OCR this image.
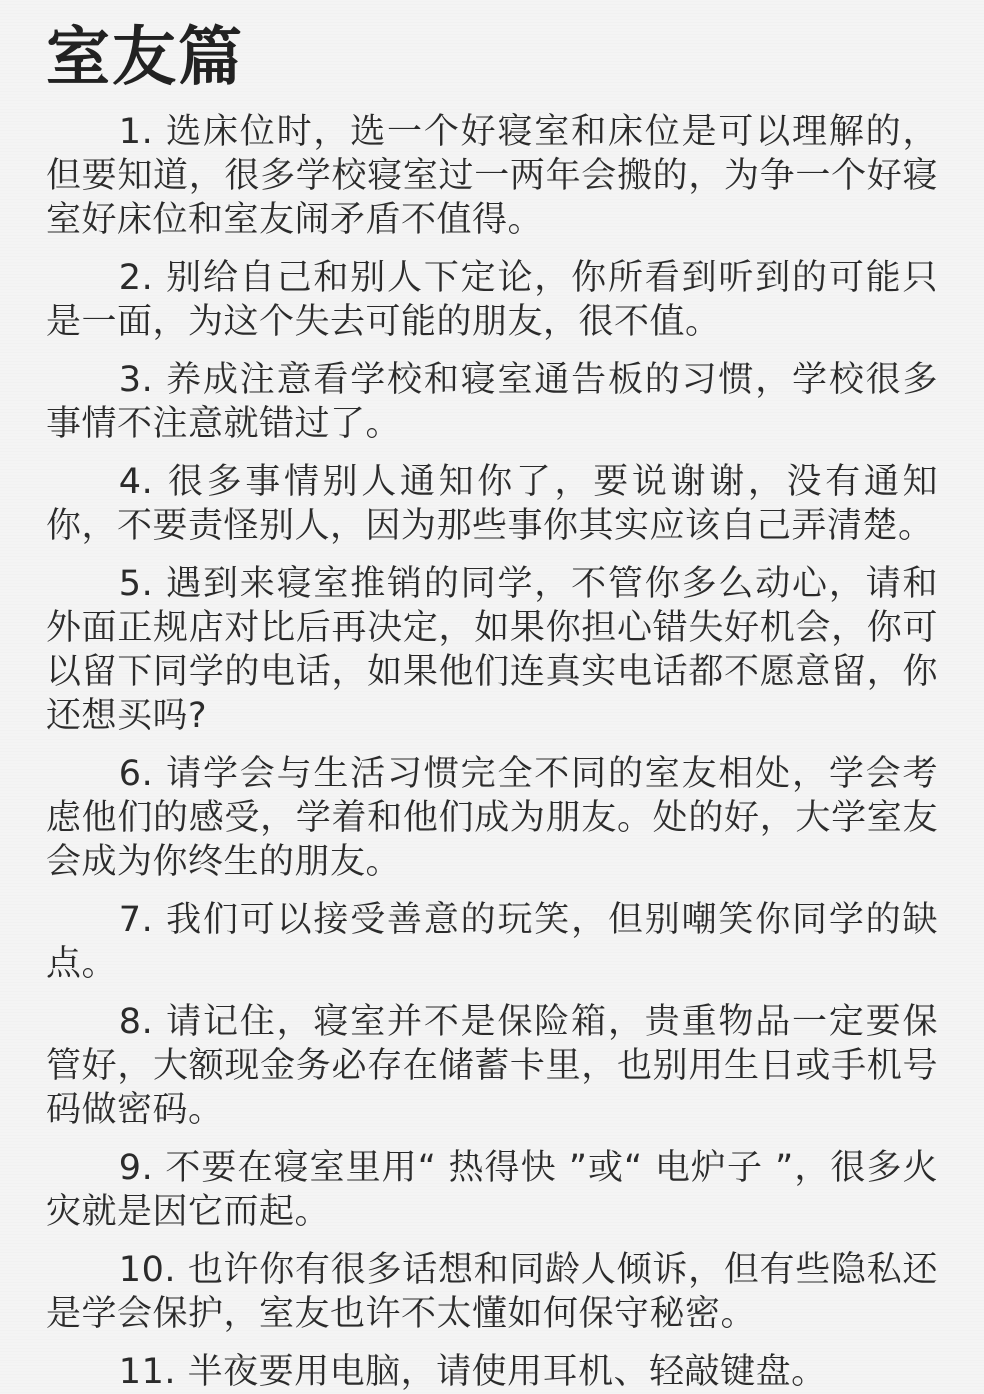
室友篇

1. 选床位时，选一个好寝室和床位是可以理解的，但要知道，很多学校寝室过一两年会搬的，为争一个好寝室好床位和室友闹矛盾不值得。

2. 别给自己和别人下定论，你所看到听到的可能只是一面，为这个失去可能的朋友，很不值。

3. 养成注意看学校和寝室通告板的习惯，学校很多事情不注意就错过了。

4. 很多事情别人通知你了，要说谢谢，没有通知你，不要责怪别人，因为那些事你其实应该自己弄清楚。

5. 遇到来寝室推销的同学，不管你多么动心，请和外面正规店对比后再决定，如果你担心错失好机会，你可以留下同学的电话，如果他们连真实电话都不愿意留，你还想买吗?

6. 请学会与生活习惯完全不同的室友相处，学会考虑他们的感受，学着和他们成为朋友。处的好，大学室友会成为你终生的朋友。

7. 我们可以接受善意的玩笑，但别嘲笑你同学的缺点。

8. 请记住，寝室并不是保险箱，贵重物品一定要保管好，大额现金务必存在储蓄卡里，也别用生日或手机号码做密码。

9. 不要在寝室里用“ 热得快 ”或“ 电炉子 ”，很多火灾就是因它而起。

10. 也许你有很多话想和同龄人倾诉，但有些隐私还是学会保护，室友也许不太懂如何保守秘密。

11. 半夜要用电脑，请使用耳机、轻敲键盘。
